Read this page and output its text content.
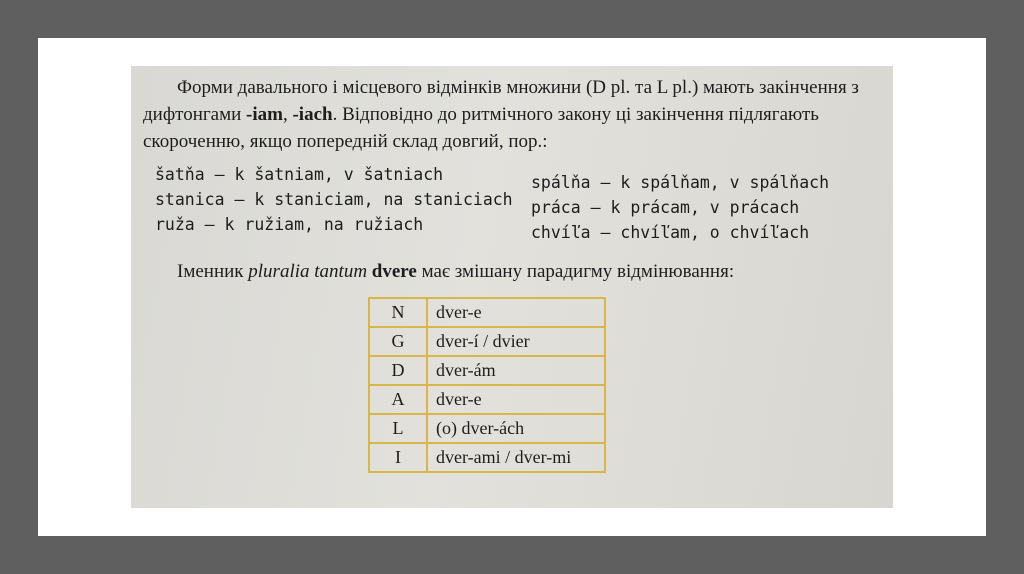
Форми давального і місцевого відмінків множини (D pl. та L pl.) мають закінчення з дифтонгами -iam, -iach. Відповідно до ритмічного закону ці закінчення підлягають скороченню, якщо попередній склад довгий, пор.:

šatňa – k šatniam, v šatniach
stanica – k staniciam, na staniciach
ruža – k ružiam, na ružiach
spálňa – k spálňam, v spálňach
práca – k prácam, v prácach
chvíľa – chvíľam, o chvíľach

Іменник pluralia tantum dvere має змішану парадигму відмінювання:

N	dver-e
G	dver-í / dvier
D	dver-ám
A	dver-e
L	(o) dver-ách
I	dver-ami / dver-mi
